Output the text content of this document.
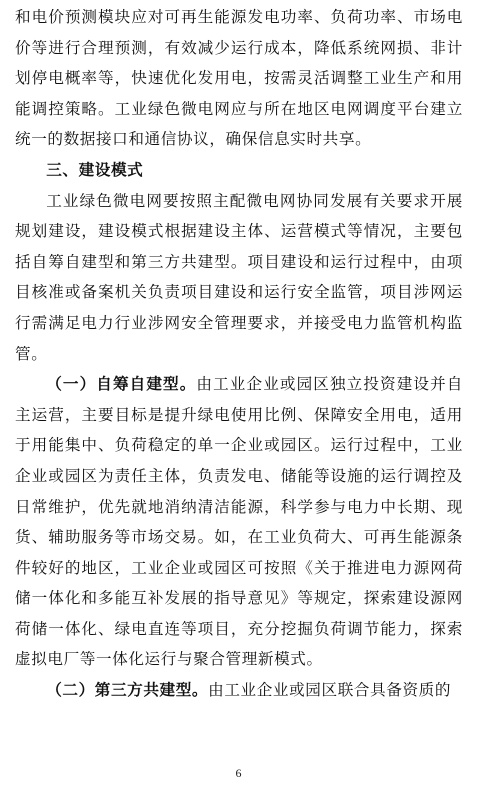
和电价预测模块应对可再生能源发电功率、负荷功率、市场电价等进行合理预测，有效减少运行成本，降低系统网损、非计划停电概率等，快速优化发用电，按需灵活调整工业生产和用能调控策略。工业绿色微电网应与所在地区电网调度平台建立统一的数据接口和通信协议，确保信息实时共享。

三、建设模式

工业绿色微电网要按照主配微电网协同发展有关要求开展规划建设，建设模式根据建设主体、运营模式等情况，主要包括自筹自建型和第三方共建型。项目建设和运行过程中，由项目核准或备案机关负责项目建设和运行安全监管，项目涉网运行需满足电力行业涉网安全管理要求，并接受电力监管机构监管。

（一）自筹自建型。由工业企业或园区独立投资建设并自主运营，主要目标是提升绿电使用比例、保障安全用电，适用于用能集中、负荷稳定的单一企业或园区。运行过程中，工业企业或园区为责任主体，负责发电、储能等设施的运行调控及日常维护，优先就地消纳清洁能源，科学参与电力中长期、现货、辅助服务等市场交易。如，在工业负荷大、可再生能源条件较好的地区，工业企业或园区可按照《关于推进电力源网荷储一体化和多能互补发展的指导意见》等规定，探索建设源网荷储一体化、绿电直连等项目，充分挖掘负荷调节能力，探索虚拟电厂等一体化运行与聚合管理新模式。

（二）第三方共建型。由工业企业或园区联合具备资质的

6
